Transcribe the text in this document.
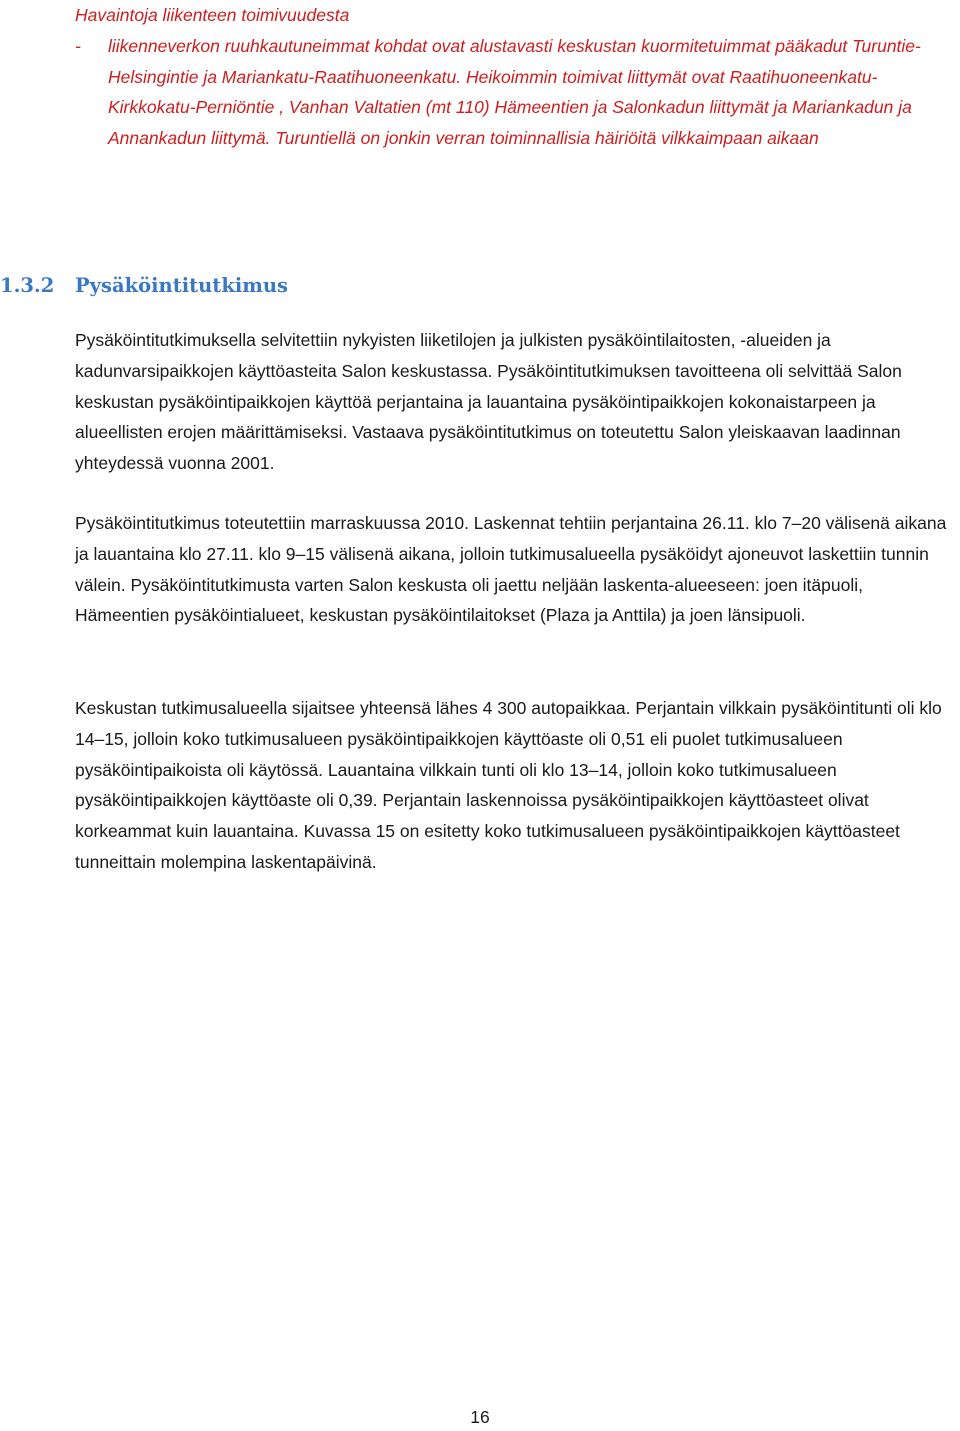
Havaintoja liikenteen toimivuudesta

- liikenneverkon ruuhkautuneimmat kohdat ovat alustavasti keskustan kuormitetuimmat pääkadut Turuntie-Helsingintie ja Mariankatu-Raatihuoneenkatu. Heikoimmin toimivat liittymät ovat Raatihuoneenkatu-Kirkkokatu-Perniöntie , Vanhan Valtatien (mt 110) Hämeentien ja Salonkadun liittymät ja Mariankadun ja Annankadun liittymä. Turuntiellä on jonkin verran toiminnallisia häiriöitä vilkkaimpaan aikaan

1.3.2 Pysäköintitutkimus

Pysäköintitutkimuksella selvitettiin nykyisten liiketilojen ja julkisten pysäköintilaitosten, -alueiden ja kadunvarsipaikkojen käyttöasteita Salon keskustassa. Pysäköintitutkimuksen tavoitteena oli selvittää Salon keskustan pysäköintipaikkojen käyttöä perjantaina ja lauantaina pysäköintipaikkojen kokonaistarpeen ja alueellisten erojen määrittämiseksi. Vastaava pysäköintitutkimus on toteutettu Salon yleiskaavan laadinnan yhteydessä vuonna 2001.

Pysäköintitutkimus toteutettiin marraskuussa 2010. Laskennat tehtiin perjantaina 26.11. klo 7–20 välisenä aikana ja lauantaina klo 27.11. klo 9–15 välisenä aikana, jolloin tutkimusalueella pysäköidyt ajoneuvot laskettiin tunnin välein. Pysäköintitutkimusta varten Salon keskusta oli jaettu neljään laskenta-alueeseen: joen itäpuoli, Hämeentien pysäköintialueet, keskustan pysäköintilaitokset (Plaza ja Anttila) ja joen länsipuoli.

Keskustan tutkimusalueella sijaitsee yhteensä lähes 4 300 autopaikkaa. Perjantain vilkkain pysäköintitunti oli klo 14–15, jolloin koko tutkimusalueen pysäköintipaikkojen käyttöaste oli 0,51 eli puolet tutkimusalueen pysäköintipaikoista oli käytössä. Lauantaina vilkkain tunti oli klo 13–14, jolloin koko tutkimusalueen pysäköintipaikkojen käyttöaste oli 0,39. Perjantain laskennoissa pysäköintipaikkojen käyttöasteet olivat korkeammat kuin lauantaina. Kuvassa 15 on esitetty koko tutkimusalueen pysäköintipaikkojen käyttöasteet tunneittain molempina laskentapäivinä.

16
